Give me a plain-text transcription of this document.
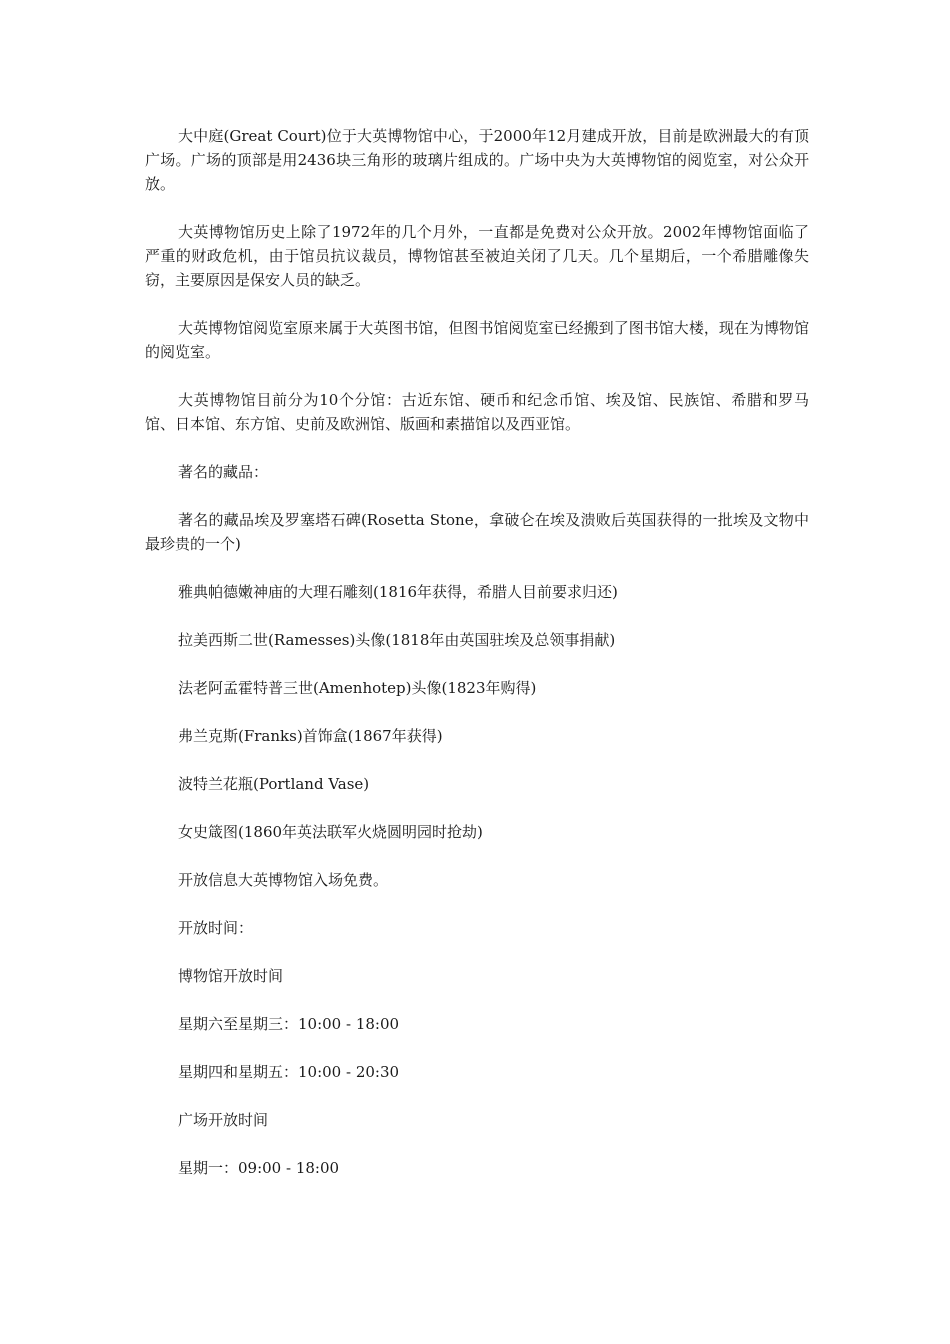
大中庭(Great Court)位于大英博物馆中心，于2000年12月建成开放，目前是欧洲最大的有顶广场。广场的顶部是用2436块三角形的玻璃片组成的。广场中央为大英博物馆的阅览室，对公众开放。

大英博物馆历史上除了1972年的几个月外，一直都是免费对公众开放。2002年博物馆面临了严重的财政危机，由于馆员抗议裁员，博物馆甚至被迫关闭了几天。几个星期后，一个希腊雕像失窃，主要原因是保安人员的缺乏。

大英博物馆阅览室原来属于大英图书馆，但图书馆阅览室已经搬到了图书馆大楼，现在为博物馆的阅览室。

大英博物馆目前分为10个分馆：古近东馆、硬币和纪念币馆、埃及馆、民族馆、希腊和罗马馆、日本馆、东方馆、史前及欧洲馆、版画和素描馆以及西亚馆。

著名的藏品：

著名的藏品埃及罗塞塔石碑(Rosetta Stone，拿破仑在埃及溃败后英国获得的一批埃及文物中最珍贵的一个)

雅典帕德嫩神庙的大理石雕刻(1816年获得，希腊人目前要求归还)

拉美西斯二世(Ramesses)头像(1818年由英国驻埃及总领事捐献)

法老阿孟霍特普三世(Amenhotep)头像(1823年购得)

弗兰克斯(Franks)首饰盒(1867年获得)

波特兰花瓶(Portland Vase)

女史箴图(1860年英法联军火烧圆明园时抢劫)

开放信息大英博物馆入场免费。

开放时间：

博物馆开放时间

星期六至星期三：10:00 - 18:00

星期四和星期五：10:00 - 20:30

广场开放时间

星期一：09:00 - 18:00
